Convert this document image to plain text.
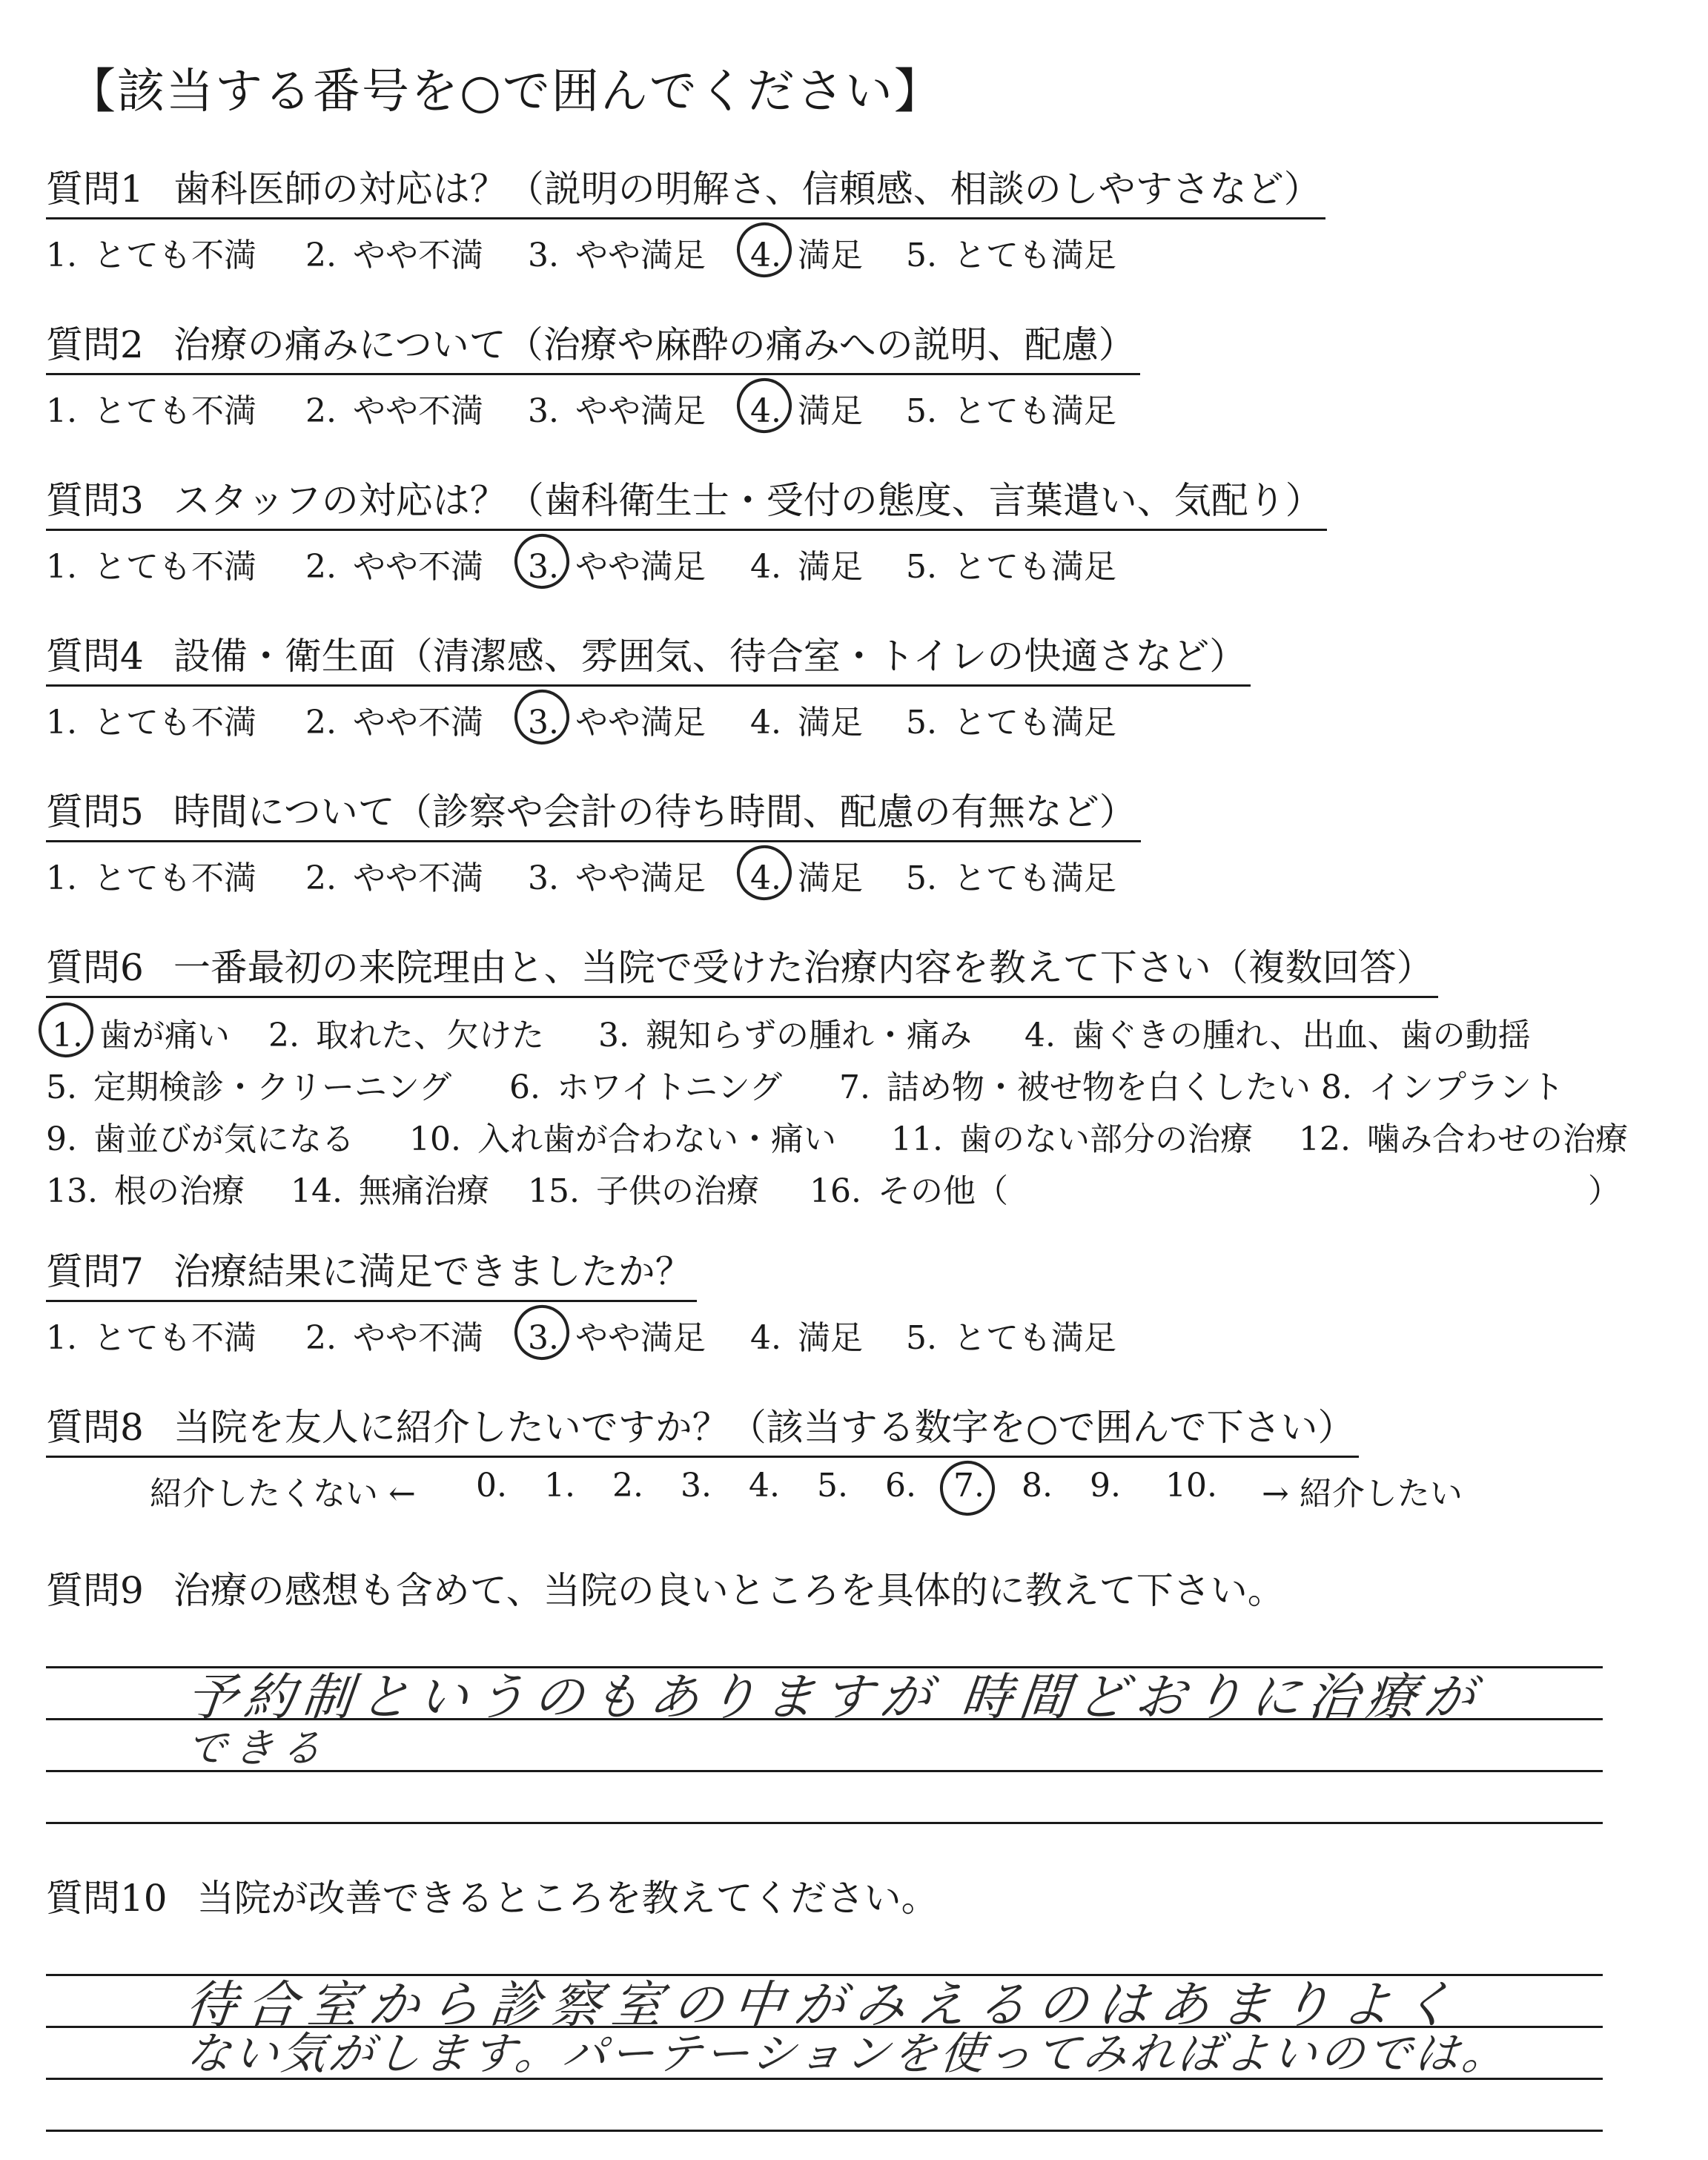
【該当する番号を○で囲んでください】
質問1 歯科医師の対応は？（説明の明解さ、信頼感、相談のしやすさなど）
1. とても不満 2. やや不満 3. やや満足 4. 満足 5. とても満足
質問2 治療の痛みについて（治療や麻酔の痛みへの説明、配慮）
1. とても不満 2. やや不満 3. やや満足 4. 満足 5. とても満足
質問3 スタッフの対応は？（歯科衛生士・受付の態度、言葉遣い、気配り）
1. とても不満 2. やや不満 3. やや満足 4. 満足 5. とても満足
質問4 設備・衛生面（清潔感、雰囲気、待合室・トイレの快適さなど）
1. とても不満 2. やや不満 3. やや満足 4. 満足 5. とても満足
質問5 時間について（診察や会計の待ち時間、配慮の有無など）
1. とても不満 2. やや不満 3. やや満足 4. 満足 5. とても満足
質問6 一番最初の来院理由と、当院で受けた治療内容を教えて下さい（複数回答）
1. 歯が痛い 2. 取れた、欠けた 3. 親知らずの腫れ・痛み 4. 歯ぐきの腫れ、出血、歯の動揺
5. 定期検診・クリーニング 6. ホワイトニング 7. 詰め物・被せ物を白くしたい 8. インプラント
9. 歯並びが気になる 10. 入れ歯が合わない・痛い 11. 歯のない部分の治療 12. 噛み合わせの治療
13. 根の治療 14. 無痛治療 15. 子供の治療 16. その他（	）
質問7 治療結果に満足できましたか？
1. とても不満 2. やや不満 3. やや満足 4. 満足 5. とても満足
質問8 当院を友人に紹介したいですか？（該当する数字を○で囲んで下さい）
紹介したくない ← 0. 1. 2. 3. 4. 5. 6. 7. 8. 9. 10. → 紹介したい
質問9 治療の感想も含めて、当院の良いところを具体的に教えて下さい。
予約制というのもありますが 時間どおりに治療が
できる
質問10 当院が改善できるところを教えてください。
待合室から診察室の中がみえるのはあまりよく
ない気がします。パーテーションを使ってみればよいのでは。
